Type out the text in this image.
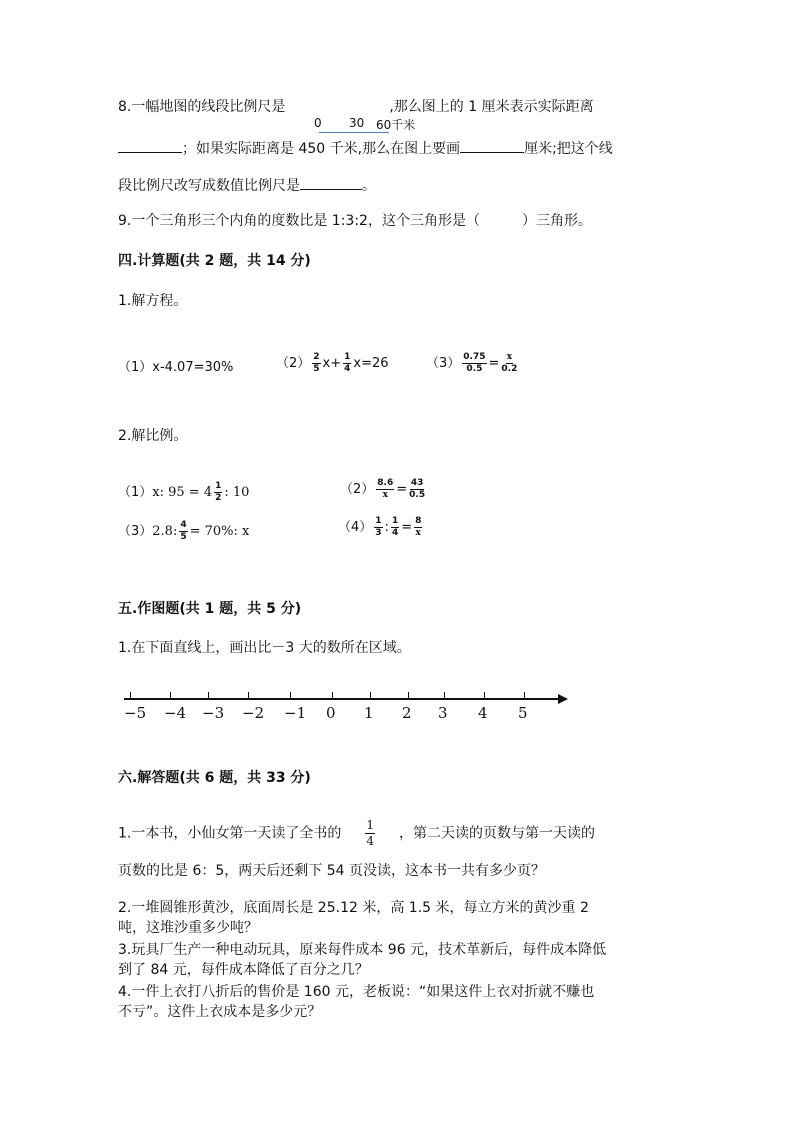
8.一幅地图的线段比例尺是	,那么图上的 1 厘米表示实际距离
0 30 60千米
；如果实际距离是 450 千米,那么在图上要画	厘米;把这个线
段比例尺改写成数值比例尺是	。
9.一个三角形三个内角的度数比是 1:3:2，这个三角形是（　　　）三角形。
四.计算题(共 2 题，共 14 分)
1.解方程。
（1）x-4.07=30%	$(2) \frac{2}{5} x+ \frac{1}{4} x=26$	$(3) \frac{0.75}{0.5} = \frac{x}{0.2}$
2.解比例。
（1）x: $95 = 4 \frac{1}{2}$ : 10	$(2) \frac{8.6}{x} = \frac{43}{0.5}$
（3）2.8: $\frac{4}{5} = 70\%$: x	$(4) \frac{1}{3}$ : $\frac{1}{4} = \frac{8}{x}$
五.作图题(共 1 题，共 5 分)
1.在下面直线上，画出比－3 大的数所在区域。
−5 −4 −3 −2 −1 0 1 2 3 4 5
六.解答题(共 6 题，共 33 分)
1.一本书，小仙女第一天读了全书的 $\frac{1}{4}$ ，第二天读的页数与第一天读的
页数的比是 6：5，两天后还剩下 54 页没读，这本书一共有多少页？
2.一堆圆锥形黄沙，底面周长是 25.12 米，高 1.5 米，每立方米的黄沙重 2
吨，这堆沙重多少吨？
3.玩具厂生产一种电动玩具，原来每件成本 96 元，技术革新后，每件成本降低
到了 84 元，每件成本降低了百分之几？
4.一件上衣打八折后的售价是 160 元，老板说：“如果这件上衣对折就不赚也
不亏”。这件上衣成本是多少元？
